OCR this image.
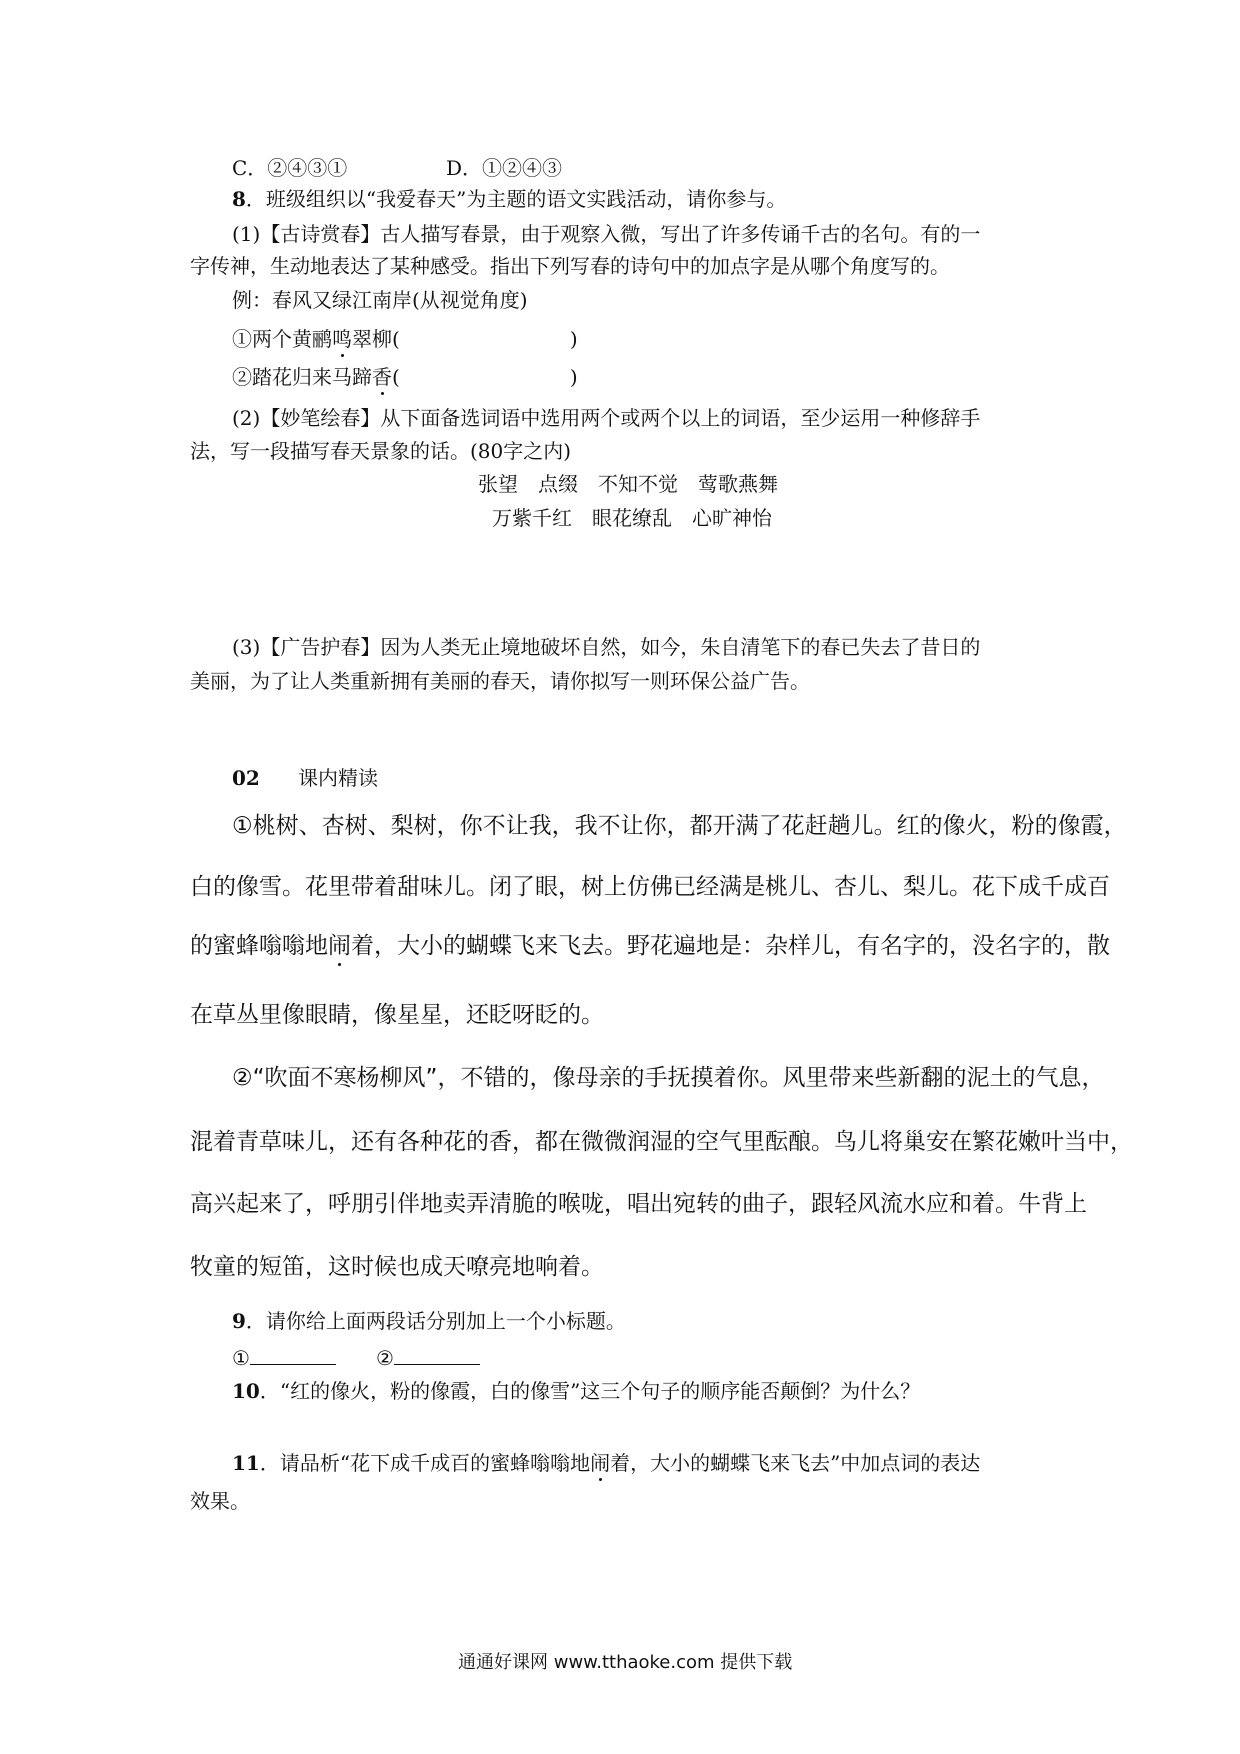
C．②④③①	D．①②④③
8．班级组织以“我爱春天”为主题的语文实践活动，请你参与。
(1)【古诗赏春】古人描写春景，由于观察入微，写出了许多传诵千古的名句。有的一
字传神，生动地表达了某种感受。指出下列写春的诗句中的加点字是从哪个角度写的。
例：春风又绿江南岸(从视觉角度)
①两个黄鹂鸣翠柳(	)
②踏花归来马蹄香(	)
(2)【妙笔绘春】从下面备选词语中选用两个或两个以上的词语，至少运用一种修辞手
法，写一段描写春天景象的话。(80字之内)
张望　点缀　不知不觉　莺歌燕舞
万紫千红　眼花缭乱　心旷神怡
(3)【广告护春】因为人类无止境地破坏自然，如今，朱自清笔下的春已失去了昔日的
美丽，为了让人类重新拥有美丽的春天，请你拟写一则环保公益广告。
02 课内精读
①桃树、杏树、梨树，你不让我，我不让你，都开满了花赶趟儿。红的像火，粉的像霞，
白的像雪。花里带着甜味儿。闭了眼，树上仿佛已经满是桃儿、杏儿、梨儿。花下成千成百
的蜜蜂嗡嗡地闹着，大小的蝴蝶飞来飞去。野花遍地是：杂样儿，有名字的，没名字的，散
在草丛里像眼睛，像星星，还眨呀眨的。
②“吹面不寒杨柳风”，不错的，像母亲的手抚摸着你。风里带来些新翻的泥土的气息，
混着青草味儿，还有各种花的香，都在微微润湿的空气里酝酿。鸟儿将巢安在繁花嫩叶当中，
高兴起来了，呼朋引伴地卖弄清脆的喉咙，唱出宛转的曲子，跟轻风流水应和着。牛背上
牧童的短笛，这时候也成天嘹亮地响着。
9．请你给上面两段话分别加上一个小标题。
①	②
10．“红的像火，粉的像霞，白的像雪”这三个句子的顺序能否颠倒？为什么？
11．请品析“花下成千成百的蜜蜂嗡嗡地闹着，大小的蝴蝶飞来飞去”中加点词的表达
效果。
通通好课网 www.tthaoke.com 提供下载
